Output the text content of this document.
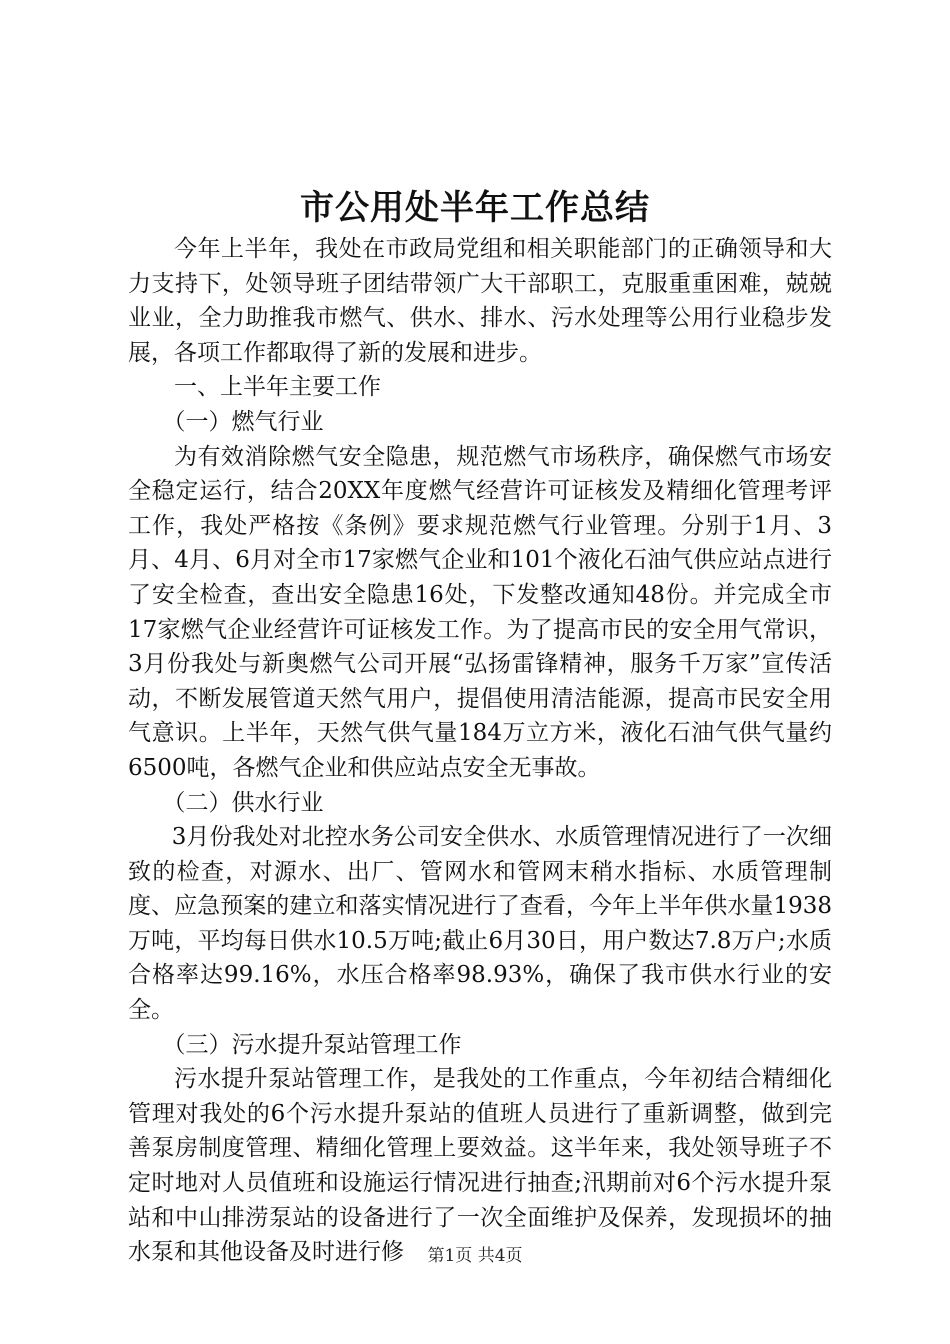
市公用处半年工作总结

今年上半年，我处在市政局党组和相关职能部门的正确领导和大力支持下，处领导班子团结带领广大干部职工，克服重重困难，兢兢业业，全力助推我市燃气、供水、排水、污水处理等公用行业稳步发展，各项工作都取得了新的发展和进步。

一、上半年主要工作

（一）燃气行业

为有效消除燃气安全隐患，规范燃气市场秩序，确保燃气市场安全稳定运行，结合20XX年度燃气经营许可证核发及精细化管理考评工作，我处严格按《条例》要求规范燃气行业管理。分别于1月、3月、4月、6月对全市17家燃气企业和101个液化石油气供应站点进行了安全检查，查出安全隐患16处，下发整改通知48份。并完成全市17家燃气企业经营许可证核发工作。为了提高市民的安全用气常识，3月份我处与新奥燃气公司开展“弘扬雷锋精神，服务千万家”宣传活动，不断发展管道天然气用户，提倡使用清洁能源，提高市民安全用气意识。上半年，天然气供气量184万立方米，液化石油气供气量约6500吨，各燃气企业和供应站点安全无事故。

（二）供水行业

3月份我处对北控水务公司安全供水、水质管理情况进行了一次细致的检查，对源水、出厂、管网水和管网末稍水指标、水质管理制度、应急预案的建立和落实情况进行了查看，今年上半年供水量1938万吨，平均每日供水10.5万吨;截止6月30日，用户数达7.8万户;水质合格率达99.16%，水压合格率98.93%，确保了我市供水行业的安全。

（三）污水提升泵站管理工作

污水提升泵站管理工作，是我处的工作重点，今年初结合精细化管理对我处的6个污水提升泵站的值班人员进行了重新调整，做到完善泵房制度管理、精细化管理上要效益。这半年来，我处领导班子不定时地对人员值班和设施运行情况进行抽查;汛期前对6个污水提升泵站和中山排涝泵站的设备进行了一次全面维护及保养，发现损坏的抽水泵和其他设备及时进行修	第1页 共4页
